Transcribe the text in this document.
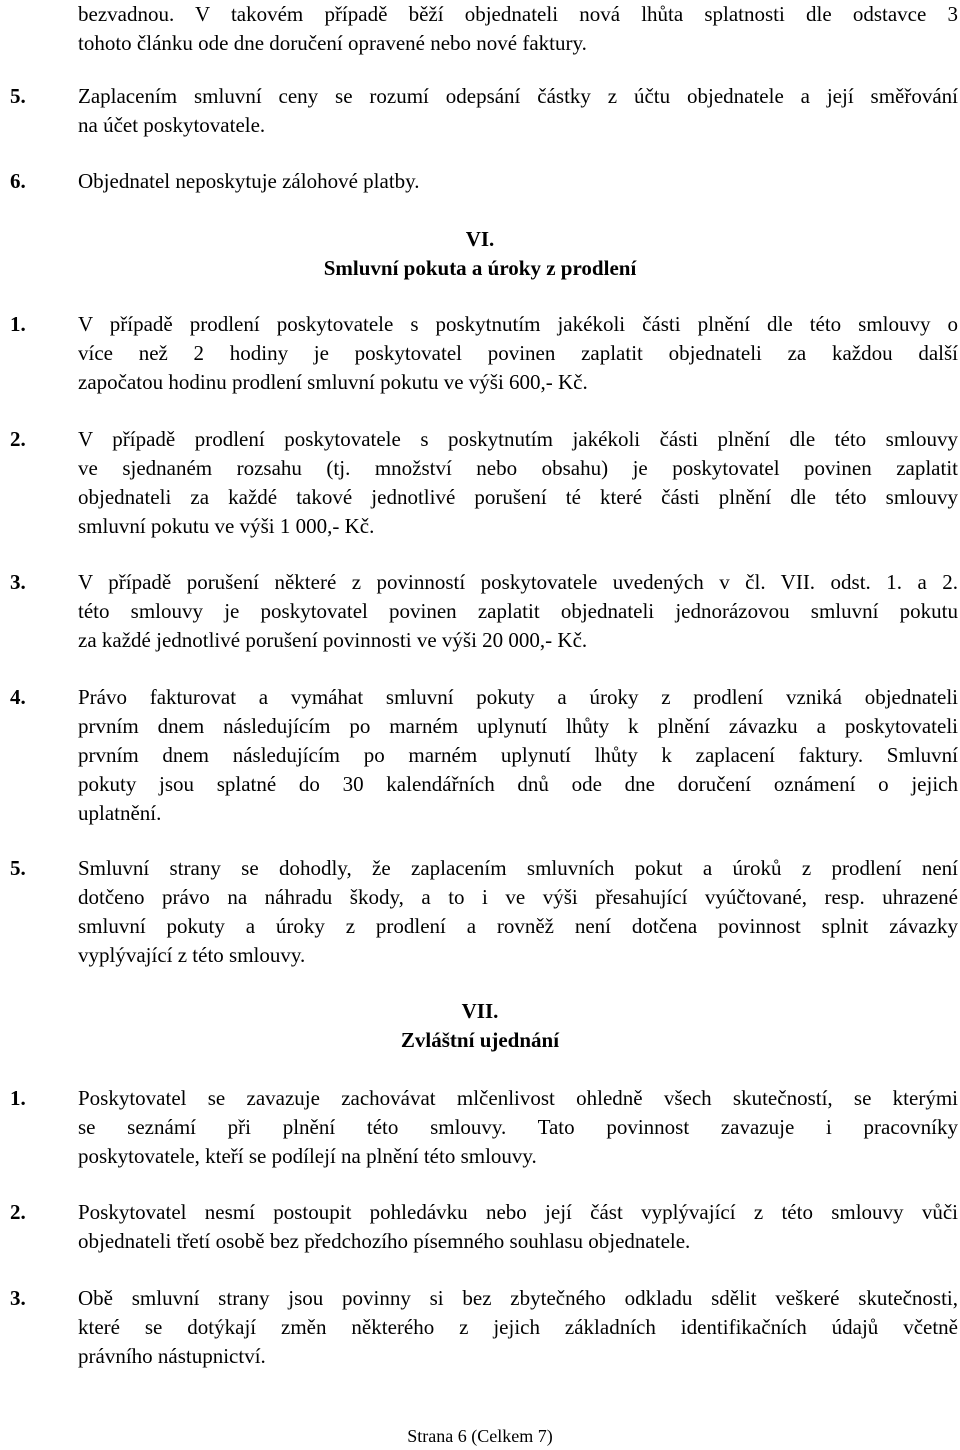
bezvadnou. V takovém případě běží objednateli nová lhůta splatnosti dle odstavce 3
tohoto článku ode dne doručení opravené nebo nové faktury.
5. Zaplacením smluvní ceny se rozumí odepsání částky z účtu objednatele a její směřování
na účet poskytovatele.
6. Objednatel neposkytuje zálohové platby.
VI.
Smluvní pokuta a úroky z prodlení
1. V případě prodlení poskytovatele s poskytnutím jakékoli části plnění dle této smlouvy o
více než 2 hodiny je poskytovatel povinen zaplatit objednateli za každou další
započatou hodinu prodlení smluvní pokutu ve výši 600,- Kč.
2. V případě prodlení poskytovatele s poskytnutím jakékoli části plnění dle této smlouvy
ve sjednaném rozsahu (tj. množství nebo obsahu) je poskytovatel povinen zaplatit
objednateli za každé takové jednotlivé porušení té které části plnění dle této smlouvy
smluvní pokutu ve výši 1 000,- Kč.
3. V případě porušení některé z povinností poskytovatele uvedených v čl. VII. odst. 1. a 2.
této smlouvy je poskytovatel povinen zaplatit objednateli jednorázovou smluvní pokutu
za každé jednotlivé porušení povinnosti ve výši 20 000,- Kč.
4. Právo fakturovat a vymáhat smluvní pokuty a úroky z prodlení vzniká objednateli
prvním dnem následujícím po marném uplynutí lhůty k plnění závazku a poskytovateli
prvním dnem následujícím po marném uplynutí lhůty k zaplacení faktury. Smluvní
pokuty jsou splatné do 30 kalendářních dnů ode dne doručení oznámení o jejich
uplatnění.
5. Smluvní strany se dohodly, že zaplacením smluvních pokut a úroků z prodlení není
dotčeno právo na náhradu škody, a to i ve výši přesahující vyúčtované, resp. uhrazené
smluvní pokuty a úroky z prodlení a rovněž není dotčena povinnost splnit závazky
vyplývající z této smlouvy.
VII.
Zvláštní ujednání
1. Poskytovatel se zavazuje zachovávat mlčenlivost ohledně všech skutečností, se kterými
se seznámí při plnění této smlouvy. Tato povinnost zavazuje i pracovníky
poskytovatele, kteří se podílejí na plnění této smlouvy.
2. Poskytovatel nesmí postoupit pohledávku nebo její část vyplývající z této smlouvy vůči
objednateli třetí osobě bez předchozího písemného souhlasu objednatele.
3. Obě smluvní strany jsou povinny si bez zbytečného odkladu sdělit veškeré skutečnosti,
které se dotýkají změn některého z jejich základních identifikačních údajů včetně
právního nástupnictví.
Strana 6 (Celkem 7)
